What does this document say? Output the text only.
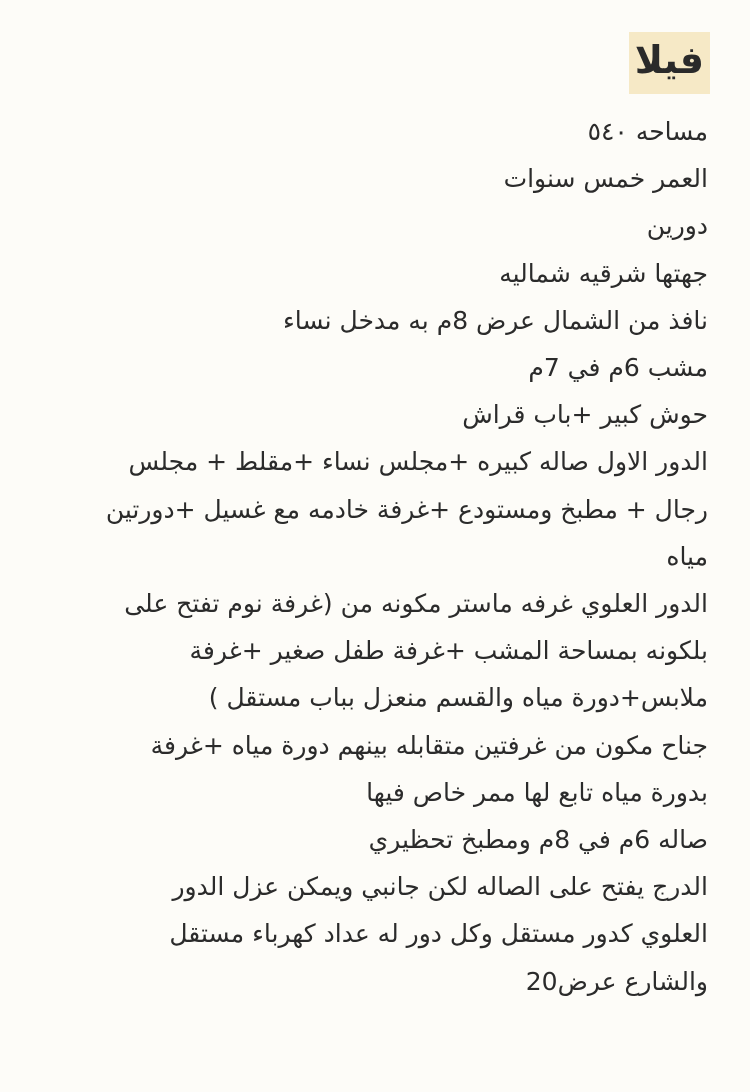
فيلا
مساحه ٥٤٠
العمر خمس سنوات
دورين
جهتها شرقيه شماليه
نافذ من الشمال عرض 8م به مدخل نساء
مشب 6م في 7م
حوش كبير +باب قراش
الدور الاول صاله كبيره +مجلس نساء +مقلط + مجلس
رجال + مطبخ ومستودع +غرفة خادمه مع غسيل +دورتين
مياه
الدور العلوي غرفه ماستر مكونه من (غرفة نوم تفتح على
بلكونه بمساحة المشب +غرفة طفل صغير +غرفة
ملابس+دورة مياه والقسم منعزل بباب مستقل )
جناح مكون من غرفتين متقابله بينهم دورة مياه +غرفة
بدورة مياه تابع لها ممر خاص فيها
صاله 6م في 8م ومطبخ تحظيري
الدرج يفتح على الصاله لكن جانبي ويمكن عزل الدور
العلوي كدور مستقل وكل دور له عداد كهرباء مستقل
والشارع عرض20
